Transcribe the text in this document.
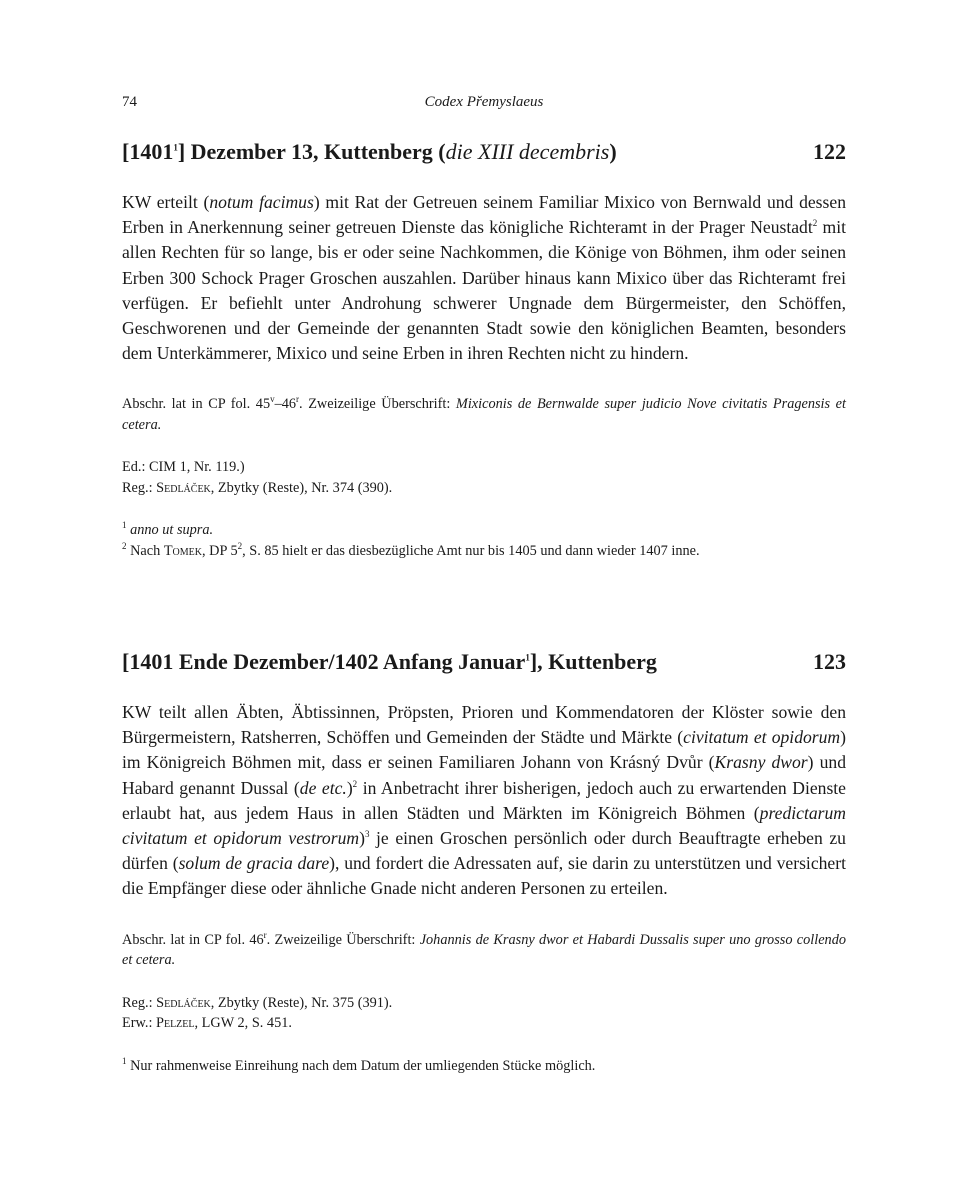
74	Codex Přemyslaeus
[1401$^1$] Dezember 13, Kuttenberg (die XIII decembris)	122

KW erteilt (notum facimus) mit Rat der Getreuen seinem Familiar Mixico von Bernwald und dessen Erben in Anerkennung seiner getreuen Dienste das königliche Richteramt in der Prager Neustadt$^2$ mit allen Rechten für so lange, bis er oder seine Nachkommen, die Könige von Böhmen, ihm oder seinen Erben 300 Schock Prager Groschen auszahlen. Darüber hinaus kann Mixico über das Richteramt frei verfügen. Er befiehlt unter Androhung schwerer Ungnade dem Bürgermeister, den Schöffen, Geschworenen und der Gemeinde der genannten Stadt sowie den königlichen Beamten, besonders dem Unterkämmerer, Mixico und seine Erben in ihren Rechten nicht zu hindern.

Abschr. lat in CP fol. 45$^v$–46$^r$. Zweizeilige Überschrift: Mixiconis de Bernwalde super judicio Nove civitatis Pragensis et cetera.

Ed.: CIM 1, Nr. 119.)
Reg.: Sedláček, Zbytky (Reste), Nr. 374 (390).

$^1$ anno ut supra.
$^2$ Nach Tomek, DP $5^2$, S. 85 hielt er das diesbezügliche Amt nur bis 1405 und dann wieder 1407 inne.

[1401 Ende Dezember/1402 Anfang Januar$^1$], Kuttenberg	123

KW teilt allen Äbten, Äbtissinnen, Pröpsten, Prioren und Kommendatoren der Klöster sowie den Bürgermeistern, Ratsherren, Schöffen und Gemeinden der Städte und Märkte (civitatum et opidorum) im Königreich Böhmen mit, dass er seinen Familiaren Johann von Krásný Dvůr (Krasny dwor) und Habard genannt Dussal (de etc.)$^2$ in Anbetracht ihrer bisherigen, jedoch auch zu erwartenden Dienste erlaubt hat, aus jedem Haus in allen Städten und Märkten im Königreich Böhmen (predictarum civitatum et opidorum vestrorum)$^3$ je einen Groschen persönlich oder durch Beauftragte erheben zu dürfen (solum de gracia dare), und fordert die Adressaten auf, sie darin zu unterstützen und versichert die Empfänger diese oder ähnliche Gnade nicht anderen Personen zu erteilen.

Abschr. lat in CP fol. 46$^r$. Zweizeilige Überschrift: Johannis de Krasny dwor et Habardi Dussalis super uno grosso collendo et cetera.

Reg.: Sedláček, Zbytky (Reste), Nr. 375 (391).
Erw.: Pelzel, LGW 2, S. 451.

$^1$ Nur rahmenweise Einreihung nach dem Datum der umliegenden Stücke möglich.
